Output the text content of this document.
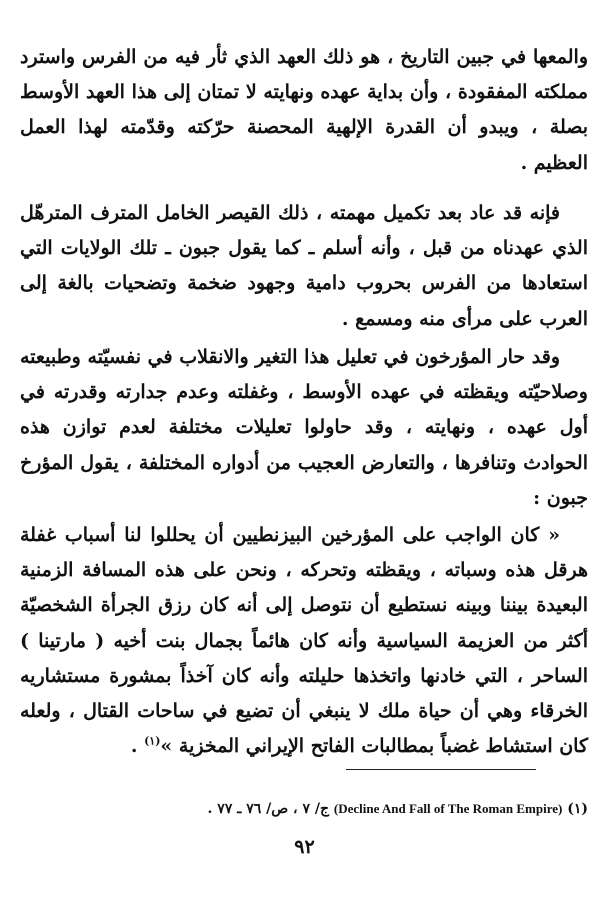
والمعها في جبين التاريخ ، هو ذلك العهد الذي ثأر فيه من الفرس واسترد مملكته المفقودة ، وأن بداية عهده ونهايته لا تمتان إلى هذا العهد الأوسط بصلة ، ويبدو أن القدرة الإلهية المحصنة حرّكته وقدّمته لهذا العمل العظيم .

فإنه قد عاد بعد تكميل مهمته ، ذلك القيصر الخامل المترف المترهّل الذي عهدناه من قبل ، وأنه أسلم ـ كما يقول جبون ـ تلك الولايات التي استعادها من الفرس بحروب دامية وجهود ضخمة وتضحيات بالغة إلى العرب على مرأى منه ومسمع .

وقد حار المؤرخون في تعليل هذا التغير والانقلاب في نفسيّته وطبيعته وصلاحيّته ويقظته في عهده الأوسط ، وغفلته وعدم جدارته وقدرته في أول عهده ، ونهايته ، وقد حاولوا تعليلات مختلفة لعدم توازن هذه الحوادث وتنافرها ، والتعارض العجيب من أدواره المختلفة ، يقول المؤرخ جبون :

« كان الواجب على المؤرخين البيزنطيين أن يحللوا لنا أسباب غفلة هرقل هذه وسباته ، ويقظته وتحركه ، ونحن على هذه المسافة الزمنية البعيدة بيننا وبينه نستطيع أن نتوصل إلى أنه كان رزق الجرأة الشخصيّة أكثر من العزيمة السياسية وأنه كان هائماً بجمال بنت أخيه ( مارتينا ) الساحر ، التي خادنها واتخذها حليلته وأنه كان آخذاً بمشورة مستشاريه الخرقاء وهي أن حياة ملك لا ينبغي أن تضيع في ساحات القتال ، ولعله كان استشاط غضباً بمطالبات الفاتح الإيراني المخزية »$^{(١)}$ .

(١) (Decline And Fall of The Roman Empire) ج/ ٧ ، ص/ ٧٦ ـ ٧٧ .
٩٢
